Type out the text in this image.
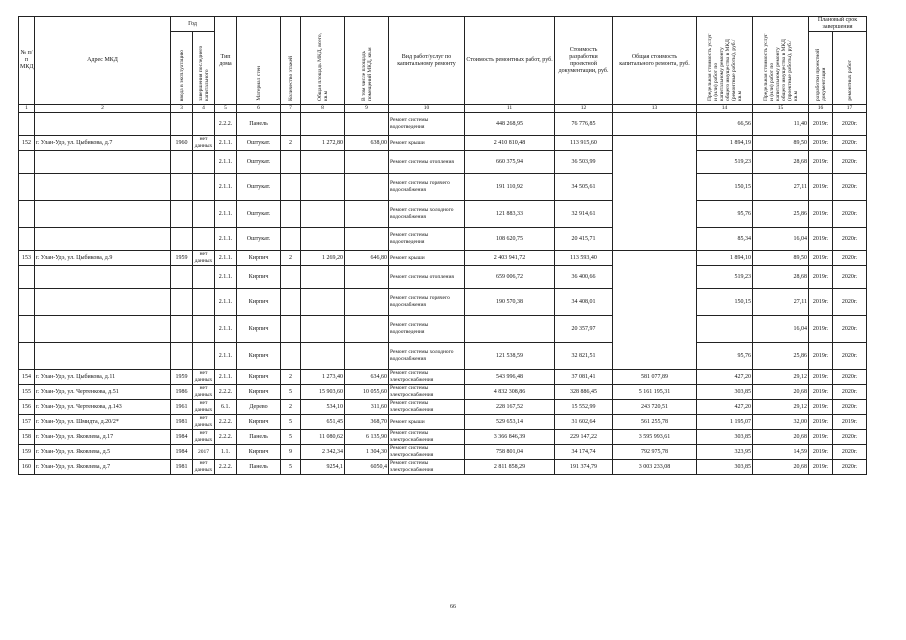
№ п/п МКД	Адрес МКД	Год		Тип дома	Материал стен	Количество этажей	Общая площадь МКД, всего, кв.м	В том числе площадь помещений МКД, кв.м	Вид работ/услуг по капитальному ремонту	Стоимость ремонтных работ, руб.	Стоимость разработки проектной документации, руб.	Общая стоимость капитального ремонта, руб.	Предельная стоимость услуг и (или) работ по капитальному ремонту общего имущества в МКД (ремонтные работы), руб./кв.м	Предельная стоимость услуг и (или) работ по капитальному ремонту общего имущества в МКД (проектные работы), руб./кв.м	Плановый срок завершения	

		ввода в эксплуатацию	завершения последнего капитального												разработки проектной документации	ремонтных работ

1	2	3	4	5	6	7	8	9	10	11	12	13	14	15	16	17
				2.2.2.	Панель				Ремонт системы водоотведения	448 268,95	76 776,85		66,56	11,40	2019г.	2020г.
152	г. Улан-Удэ, ул. Цыбикова, д.7	1960	нет данных	2.1.1.	Оштукат.	2	1 272,80	638,00	Ремонт крыши	2 410 810,48	113 915,60		1 894,19	89,50	2019г.	2020г.
				2.1.1.	Оштукат.				Ремонт системы отопления	660 375,94	36 503,99		519,23	28,68	2019г.	2020г.
				2.1.1.	Оштукат.				Ремонт системы горячего водоснабжения	191 110,92	34 505,61		150,15	27,11	2019г.	2020г.
				2.1.1.	Оштукат.				Ремонт системы холодного водоснабжения	121 883,33	32 914,61		95,76	25,86	2019г.	2020г.
				2.1.1.	Оштукат.				Ремонт системы водоотведения	108 620,75	20 415,71		85,34	16,04	2019г.	2020г.
153	г. Улан-Удэ, ул. Цыбикова, д.9	1959	нет данных	2.1.1.	Кирпич	2	1 269,20	646,80	Ремонт крыши	2 403 941,72	113 593,40		1 894,10	89,50	2019г.	2020г.
				2.1.1.	Кирпич				Ремонт системы отопления	659 006,72	36 400,66		519,23	28,68	2019г.	2020г.
				2.1.1.	Кирпич				Ремонт системы горячего водоснабжения	190 570,38	34 408,01		150,15	27,11	2019г.	2020г.
				2.1.1.	Кирпич				Ремонт системы водоотведения		20 357,97			16,04	2019г.	2020г.
				2.1.1.	Кирпич				Ремонт системы холодного водоснабжения	121 538,59	32 821,51		95,76	25,86	2019г.	2020г.
154	г. Улан-Удэ, ул. Цыбикова, д.11	1959	нет данных	2.1.1.	Кирпич	2	1 273,40	634,60	Ремонт системы электроснабжения	543 996,48	37 081,41	581 077,89	427,20	29,12	2019г.	2020г.
155	г. Улан-Удэ, ул. Чертенкова, д.51	1986	нет данных	2.2.2.	Кирпич	5	15 903,60	10 055,60	Ремонт системы электроснабжения	4 832 308,86	328 886,45	5 161 195,31	303,85	20,68	2019г.	2020г.
156	г. Улан-Удэ, ул. Чертенкова, д.143	1961	нет данных	6.1.	Дерево	2	534,10	311,60	Ремонт системы электроснабжения	228 167,52	15 552,99	243 720,51	427,20	29,12	2019г.	2020г.
157	г. Улан-Удэ, ул. Шмидта, д.20/2*	1981	нет данных	2.2.2.	Кирпич	5	651,45	368,70	Ремонт крыши	529 653,14	31 602,64	561 255,78	1 195,07	32,00	2019г.	2019г.
158	г. Улан-Удэ, ул. Яковлева, д.17	1984	нет данных	2.2.2.	Панель	5	11 080,62	6 135,90	Ремонт системы электроснабжения	3 366 846,39	229 147,22	3 595 993,61	303,85	20,68	2019г.	2020г.
159	г. Улан-Удэ, ул. Яковлева, д.5	1984	2017	1.1.	Кирпич	9	2 342,34	1 304,30	Ремонт системы электроснабжения	758 801,04	34 174,74	792 975,78	323,95	14,59	2019г.	2020г.
160	г. Улан-Удэ, ул. Яковлева, д.7	1981	нет данных	2.2.2.	Панель	5	9254,1	6050,4	Ремонт системы электроснабжения	2 811 858,29	191 374,79	3 003 233,08	303,85	20,68	2019г.	2020г.
66
